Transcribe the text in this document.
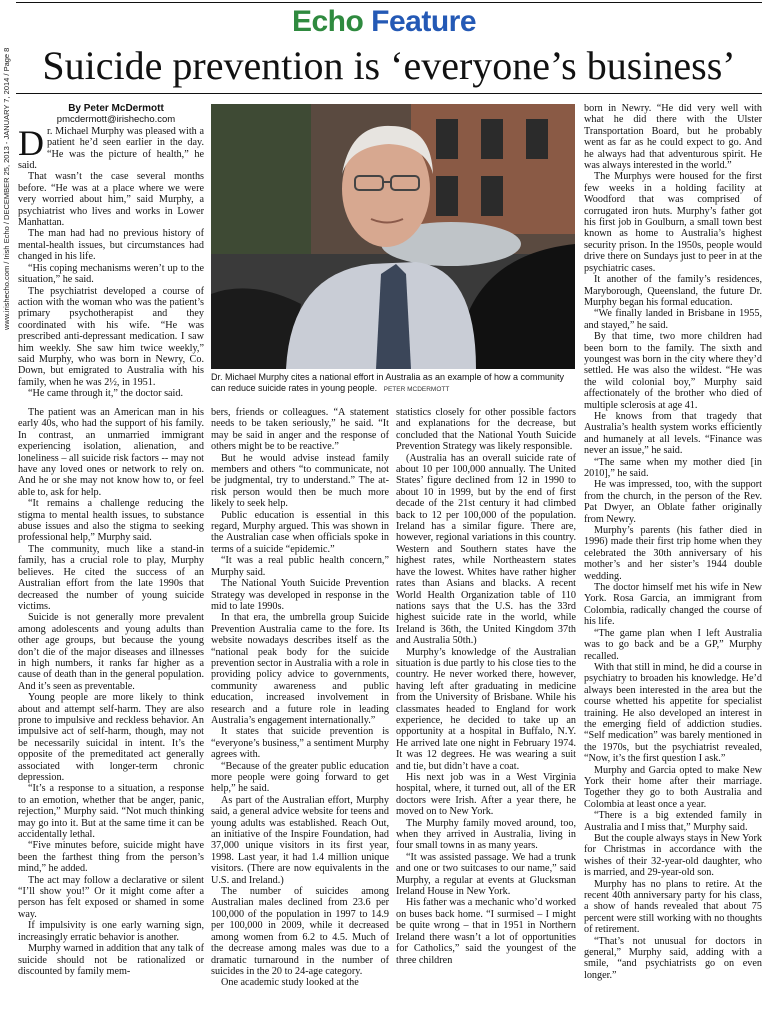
www.irishecho.com / Irish Echo / DECEMBER 25, 2013 - JANUARY 7, 2014 / Page 8
Echo Feature
Suicide prevention is ‘everyone’s business’

By Peter McDermott

pmcdermott@irishecho.com

Dr. Michael Murphy was pleased with a patient he’d seen earlier in the day. “He was the picture of health,” he said.

That wasn’t the case several months before. “He was at a place where we were very worried about him,” said Murphy, a psychiatrist who lives and works in Lower Manhattan.

The man had had no previous history of mental-health issues, but circumstances had changed in his life.

“His coping mechanisms weren’t up to the situation,” he said.

The psychiatrist developed a course of action with the woman who was the patient’s primary psychotherapist and they coordinated with his wife. “He was prescribed anti-depressant medication. I saw him weekly. She saw him twice weekly,” said Murphy, who was born in Newry, Co. Down, but emigrated to Australia with his family, when he was 2½, in 1951.

“He came through it,” the doctor said.

The patient was an American man in his early 40s, who had the support of his family. In contrast, an unmarried immigrant experiencing isolation, alienation, and loneliness – all suicide risk factors -- may not have any loved ones or network to rely on. And he or she may not know how to, or feel able to, ask for help.

“It remains a challenge reducing the stigma to mental health issues, to substance abuse issues and also the stigma to seeking professional help,” Murphy said.

The community, much like a stand-in family, has a crucial role to play, Murphy believes. He cited the success of an Australian effort from the late 1990s that decreased the number of young suicide victims.

Suicide is not generally more prevalent among adolescents and young adults than other age groups, but because the young don’t die of the major diseases and illnesses in high numbers, it ranks far higher as a cause of death than in the general population. And it’s seen as preventable.

Young people are more likely to think about and attempt self-harm. They are also prone to impulsive and reckless behavior. An impulsive act of self-harm, though, may not be necessarily suicidal in intent. It’s the opposite of the premeditated act generally associated with longer-term chronic depression.

“It’s a response to a situation, a response to an emotion, whether that be anger, panic, rejection,” Murphy said. “Not much thinking may go into it. But at the same time it can be accidentally lethal.

“Five minutes before, suicide might have been the farthest thing from the person’s mind,” he added.

The act may follow a declarative or silent “I’ll show you!” Or it might come after a person has felt exposed or shamed in some way.

If impulsivity is one early warning sign, increasingly erratic behavior is another.

Murphy warned in addition that any talk of suicide should not be rationalized or discounted by family mem-

Dr. Michael Murphy cites a national effort in Australia as an example of how a community can reduce suicide rates in young people. PETER MCDERMOTT

bers, friends or colleagues. “A statement needs to be taken seriously,” he said. “It may be said in anger and the response of others might be to be reactive.”

But he would advise instead family members and others “to communicate, not be judgmental, try to understand.” The at-risk person would then be much more likely to seek help.

Public education is essential in this regard, Murphy argued. This was shown in the Australian case when officials spoke in terms of a suicide “epidemic.”

“It was a real public health concern,” Murphy said.

The National Youth Suicide Prevention Strategy was developed in response in the mid to late 1990s.

In that era, the umbrella group Suicide Prevention Australia came to the fore. Its website nowadays describes itself as the “national peak body for the suicide prevention sector in Australia with a role in providing policy advice to governments, community awareness and public education, increased involvement in research and a future role in leading Australia’s engagement internationally.”

It states that suicide prevention is “everyone’s business,” a sentiment Murphy agrees with.

“Because of the greater public education more people were going forward to get help,” he said.

As part of the Australian effort, Murphy said, a general advice website for teens and young adults was established. Reach Out, an initiative of the Inspire Foundation, had 37,000 unique visitors in its first year, 1998. Last year, it had 1.4 million unique visitors. (There are now equivalents in the U.S. and Ireland.)

The number of suicides among Australian males declined from 23.6 per 100,000 of the population in 1997 to 14.9 per 100,000 in 2009, while it decreased among women from 6.2 to 4.5. Much of the decrease among males was due to a dramatic turnaround in the number of suicides in the 20 to 24-age category.

One academic study looked at the

statistics closely for other possible factors and explanations for the decrease, but concluded that the National Youth Suicide Prevention Strategy was likely responsible.

(Australia has an overall suicide rate of about 10 per 100,000 annually. The United States’ figure declined from 12 in 1990 to about 10 in 1999, but by the end of first decade of the 21st century it had climbed back to 12 per 100,000 of the population. Ireland has a similar figure. There are, however, regional variations in this country. Western and Southern states have the highest rates, while Northeastern states have the lowest. Whites have rather higher rates than Asians and blacks. A recent World Health Organization table of 110 nations says that the U.S. has the 33rd highest suicide rate in the world, while Ireland is 36th, the United Kingdom 37th and Australia 50th.)

Murphy’s knowledge of the Australian situation is due partly to his close ties to the country. He never worked there, however, having left after graduating in medicine from the University of Brisbane. While his classmates headed to England for work experience, he decided to take up an opportunity at a hospital in Buffalo, N.Y. He arrived late one night in February 1974. It was 12 degrees. He was wearing a suit and tie, but didn’t have a coat.

His next job was in a West Virginia hospital, where, it turned out, all of the ER doctors were Irish. After a year there, he moved on to New York.

The Murphy family moved around, too, when they arrived in Australia, living in four small towns in as many years.

“It was assisted passage. We had a trunk and one or two suitcases to our name,” said Murphy, a regular at events at Glucksman Ireland House in New York.

His father was a mechanic who’d worked on buses back home. “I surmised – I might be quite wrong – that in 1951 in Northern Ireland there wasn’t a lot of opportunities for Catholics,” said the youngest of the three children

born in Newry. “He did very well with what he did there with the Ulster Transportation Board, but he probably went as far as he could expect to go. And he always had that adventurous spirit. He was always interested in the world.”

The Murphys were housed for the first few weeks in a holding facility at Woodford that was comprised of corrugated iron huts. Murphy’s father got his first job in Goulburn, a small town best known as home to Australia’s highest security prison. In the 1950s, people would drive there on Sundays just to peer in at the psychiatric cases.

It another of the family’s residences, Maryborough, Queensland, the future Dr. Murphy began his formal education.

“We finally landed in Brisbane in 1955, and stayed,” he said.

By that time, two more children had been born to the family. The sixth and youngest was born in the city where they’d settled. He was also the wildest. “He was the wild colonial boy,” Murphy said affectionately of the brother who died of multiple sclerosis at age 41.

He knows from that tragedy that Australia’s health system works efficiently and humanely at all levels. “Finance was never an issue,” he said.

“The same when my mother died [in 2010],” he said.

He was impressed, too, with the support from the church, in the person of the Rev. Pat Dwyer, an Oblate father originally from Newry.

Murphy’s parents (his father died in 1996) made their first trip home when they celebrated the 30th anniversary of his mother’s and her sister’s 1944 double wedding.

The doctor himself met his wife in New York. Rosa Garcia, an immigrant from Colombia, radically changed the course of his life.

“The game plan when I left Australia was to go back and be a GP,” Murphy recalled.

With that still in mind, he did a course in psychiatry to broaden his knowledge. He’d always been interested in the area but the course whetted his appetite for specialist training. He also developed an interest in the emerging field of addiction studies. “Self medication” was barely mentioned in the 1970s, but the psychiatrist revealed, “Now, it’s the first question I ask.”

Murphy and Garcia opted to make New York their home after their marriage. Together they go to both Australia and Colombia at least once a year.

“There is a big extended family in Australia and I miss that,” Murphy said.

But the couple always stays in New York for Christmas in accordance with the wishes of their 32-year-old daughter, who is married, and 29-year-old son.

Murphy has no plans to retire. At the recent 40th anniversary party for his class, a show of hands revealed that about 75 percent were still working with no thoughts of retirement.

“That’s not unusual for doctors in general,” Murphy said, adding with a smile, “and psychiatrists go on even longer.”
